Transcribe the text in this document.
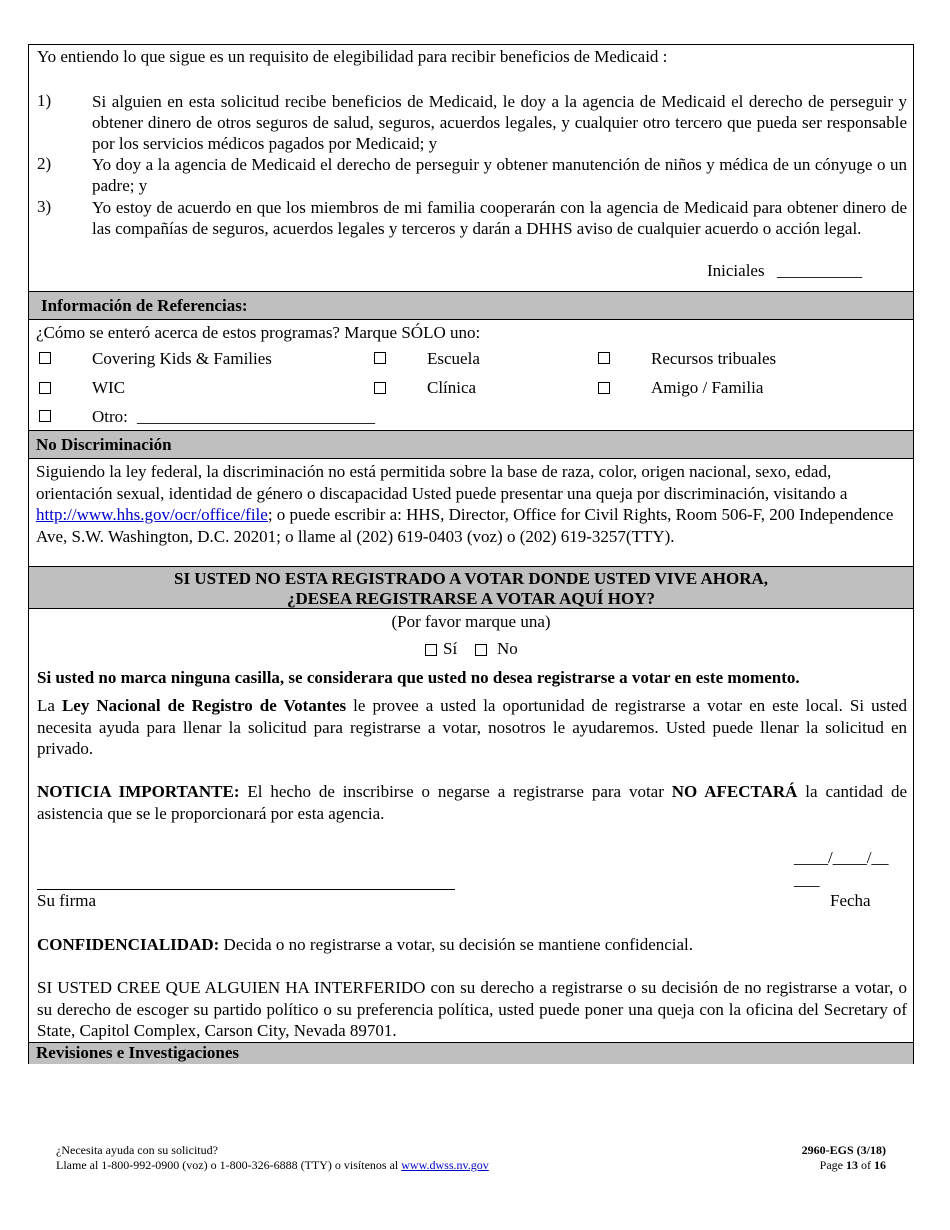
Yo entiendo lo que sigue es un requisito de elegibilidad para recibir beneficios de Medicaid :
1) Si alguien en esta solicitud recibe beneficios de Medicaid, le doy a la agencia de Medicaid el derecho de perseguir y obtener dinero de otros seguros de salud, seguros, acuerdos legales, y cualquier otro tercero que pueda ser responsable por los servicios médicos pagados por Medicaid; y
2) Yo doy a la agencia de Medicaid el derecho de perseguir y obtener manutención de niños y médica de un cónyuge o un padre; y
3) Yo estoy de acuerdo en que los miembros de mi familia cooperarán con la agencia de Medicaid para obtener dinero de las compañías de seguros, acuerdos legales y terceros y darán a DHHS aviso de cualquier acuerdo o acción legal.
Iniciales __________
Información de Referencias:
¿Cómo se enteró acerca de estos programas? Marque SÓLO uno:
Covering Kids & Families	Escuela	Recursos tribuales
WIC	Clínica	Amigo / Familia
Otro: ____________________________
No Discriminación
Siguiendo la ley federal, la discriminación no está permitida sobre la base de raza, color, origen nacional, sexo, edad, orientación sexual, identidad de género o discapacidad Usted puede presentar una queja por discriminación, visitando a http://www.hhs.gov/ocr/office/file; o puede escribir a: HHS, Director, Office for Civil Rights, Room 506-F, 200 Independence Ave, S.W. Washington, D.C. 20201; o llame al (202) 619-0403 (voz) o (202) 619-3257(TTY).
SI USTED NO ESTA REGISTRADO A VOTAR DONDE USTED VIVE AHORA,
¿DESEA REGISTRARSE A VOTAR AQUÍ HOY?
(Por favor marque una)
Sí No
Si usted no marca ninguna casilla, se considerara que usted no desea registrarse a votar en este momento.
La Ley Nacional de Registro de Votantes le provee a usted la oportunidad de registrarse a votar en este local. Si usted necesita ayuda para llenar la solicitud para registrarse a votar, nosotros le ayudaremos. Usted puede llenar la solicitud en privado.
NOTICIA IMPORTANTE: El hecho de inscribirse o negarse a registrarse para votar NO AFECTARÁ la cantidad de asistencia que se le proporcionará por esta agencia.
____/____/__
___
Su firma	Fecha
CONFIDENCIALIDAD: Decida o no registrarse a votar, su decisión se mantiene confidencial.
SI USTED CREE QUE ALGUIEN HA INTERFERIDO con su derecho a registrarse o su decisión de no registrarse a votar, o su derecho de escoger su partido político o su preferencia política, usted puede poner una queja con la oficina del Secretary of State, Capitol Complex, Carson City, Nevada 89701.
Revisiones e Investigaciones
¿Necesita ayuda con su solicitud?
Llame al 1-800-992-0900 (voz) o 1-800-326-6888 (TTY) o visítenos al www.dwss.nv.gov
2960-EGS (3/18)
Page 13 of 16
